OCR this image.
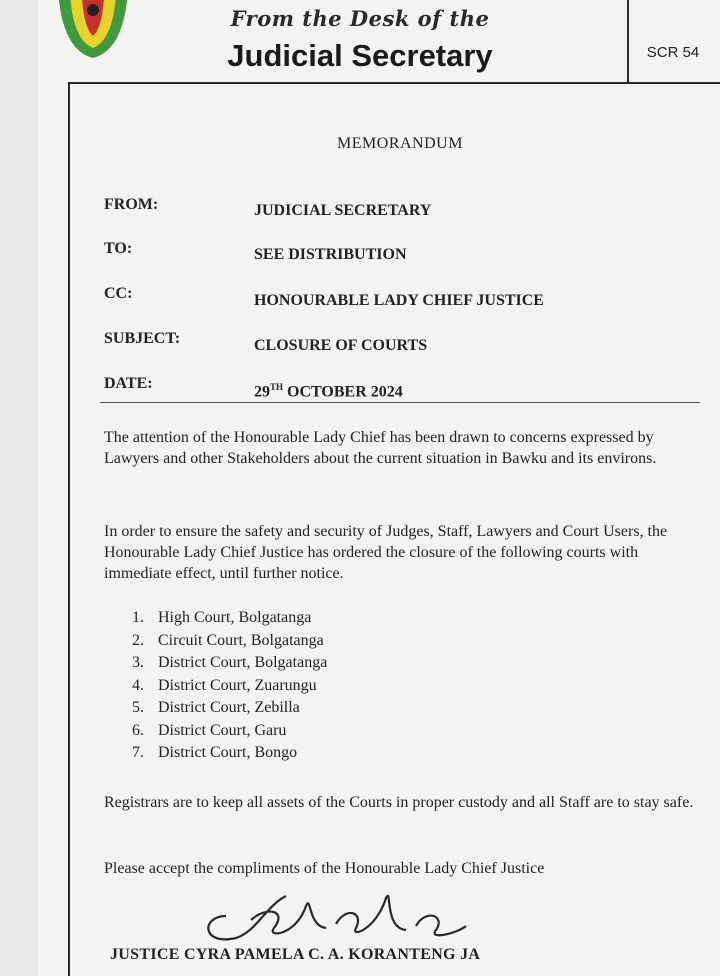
From the Desk of the
Judicial Secretary	SCR 54
MEMORANDUM
FROM:	JUDICIAL SECRETARY
TO:	SEE DISTRIBUTION
CC:	HONOURABLE LADY CHIEF JUSTICE
SUBJECT:	CLOSURE OF COURTS
DATE:	29TH OCTOBER 2024
The attention of the Honourable Lady Chief has been drawn to concerns expressed by Lawyers and other Stakeholders about the current situation in Bawku and its environs.
In order to ensure the safety and security of Judges, Staff, Lawyers and Court Users, the Honourable Lady Chief Justice has ordered the closure of the following courts with immediate effect, until further notice.
1. High Court, Bolgatanga
2. Circuit Court, Bolgatanga
3. District Court, Bolgatanga
4. District Court, Zuarungu
5. District Court, Zebilla
6. District Court, Garu
7. District Court, Bongo
Registrars are to keep all assets of the Courts in proper custody and all Staff are to stay safe.
Please accept the compliments of the Honourable Lady Chief Justice
JUSTICE CYRA PAMELA C. A. KORANTENG JA
